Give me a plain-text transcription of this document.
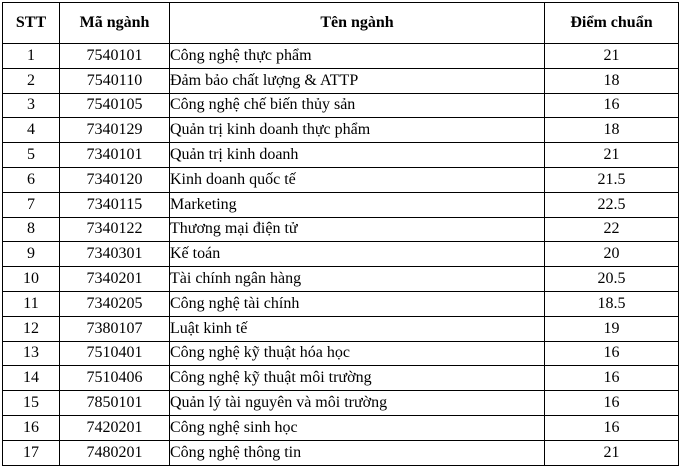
STT	Mã ngành	Tên ngành	Điểm chuẩn
1	7540101	Công nghệ thực phẩm	21
2	7540110	Đảm bảo chất lượng & ATTP	18
3	7540105	Công nghệ chế biến thủy sản	16
4	7340129	Quản trị kinh doanh thực phẩm	18
5	7340101	Quản trị kinh doanh	21
6	7340120	Kinh doanh quốc tế	21.5
7	7340115	Marketing	22.5
8	7340122	Thương mại điện tử	22
9	7340301	Kế toán	20
10	7340201	Tài chính ngân hàng	20.5
11	7340205	Công nghệ tài chính	18.5
12	7380107	Luật kinh tế	19
13	7510401	Công nghệ kỹ thuật hóa học	16
14	7510406	Công nghệ kỹ thuật môi trường	16
15	7850101	Quản lý tài nguyên và môi trường	16
16	7420201	Công nghệ sinh học	16
17	7480201	Công nghệ thông tin	21
